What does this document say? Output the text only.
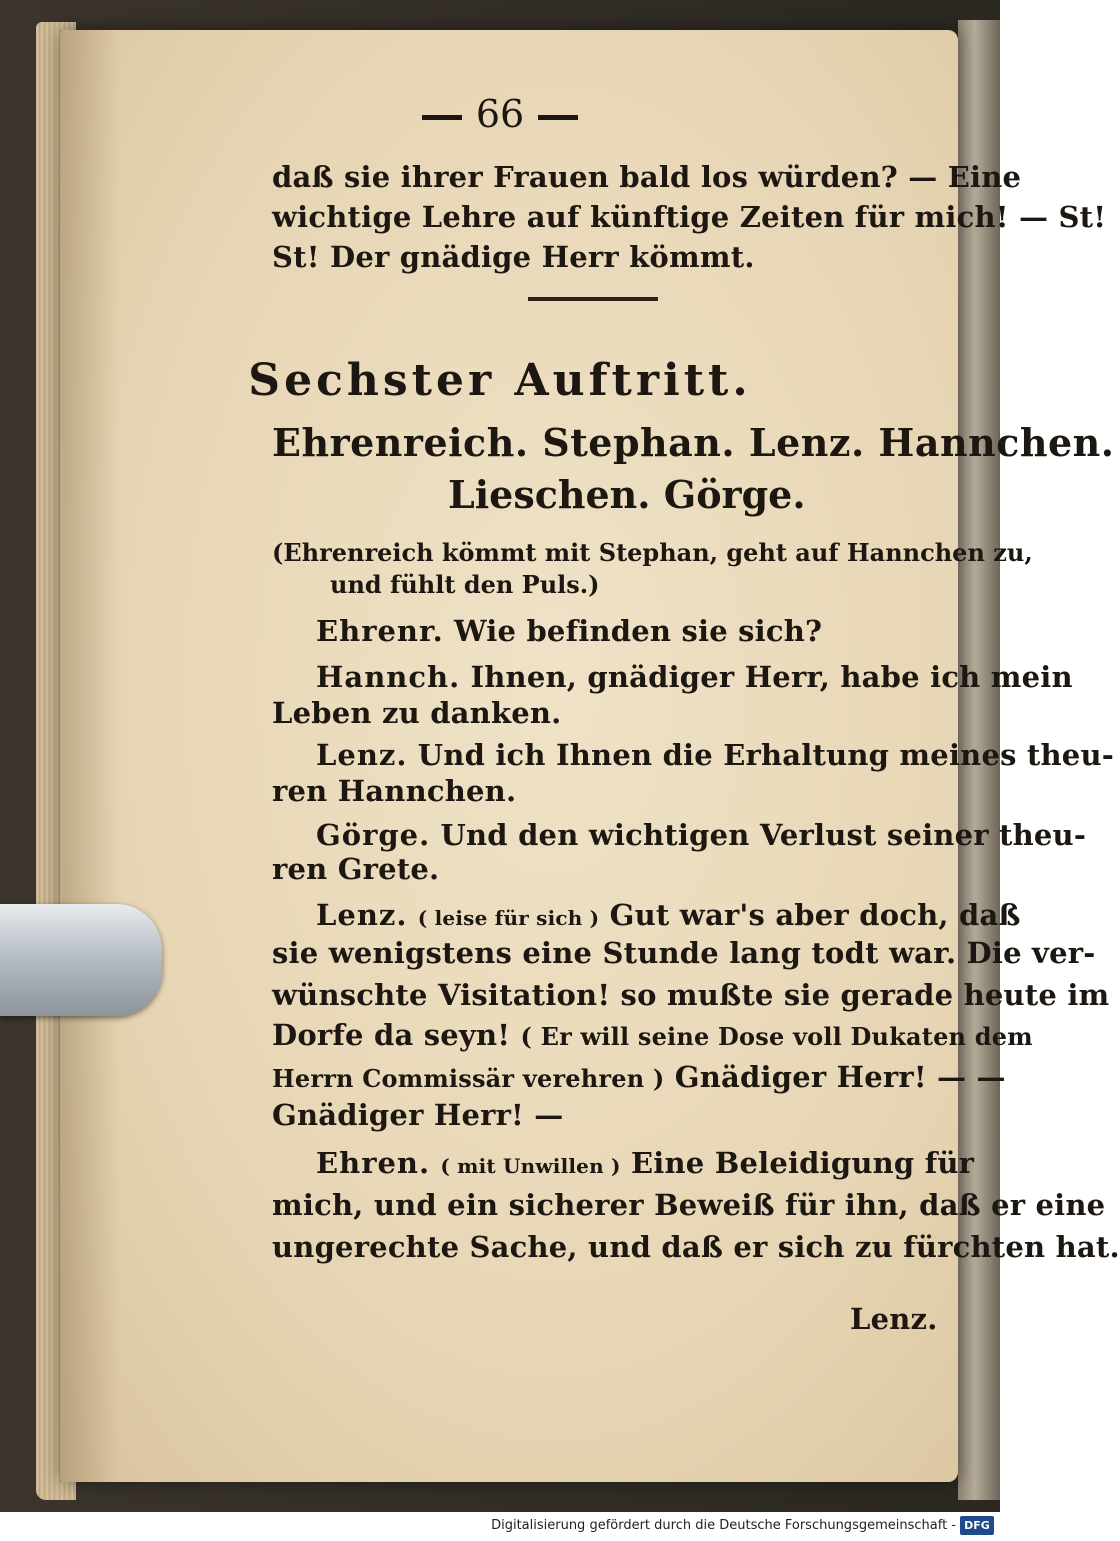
66
daß sie ihrer Frauen bald los würden? — Eine
wichtige Lehre auf künftige Zeiten für mich! — St!
St! Der gnädige Herr kömmt.
Sechster Auftritt.
Ehrenreich. Stephan. Lenz. Hannchen.
Lieschen. Görge.
(Ehrenreich kömmt mit Stephan, geht auf Hannchen zu,
und fühlt den Puls.)
Ehrenr. Wie befinden sie sich?
Hannch. Ihnen, gnädiger Herr, habe ich mein
Leben zu danken.
Lenz. Und ich Ihnen die Erhaltung meines theu-
ren Hannchen.
Görge. Und den wichtigen Verlust seiner theu-
ren Grete.
Lenz. ( leise für sich ) Gut war's aber doch, daß
sie wenigstens eine Stunde lang todt war. Die ver-
wünschte Visitation! so mußte sie gerade heute im
Dorfe da seyn! ( Er will seine Dose voll Dukaten dem
Herrn Commissär verehren ) Gnädiger Herr! — —
Gnädiger Herr! —
Ehren. ( mit Unwillen ) Eine Beleidigung für
mich, und ein sicherer Beweiß für ihn, daß er eine
ungerechte Sache, und daß er sich zu fürchten hat.
Lenz.
Digitalisierung gefördert durch die Deutsche Forschungsgemeinschaft - DFG
